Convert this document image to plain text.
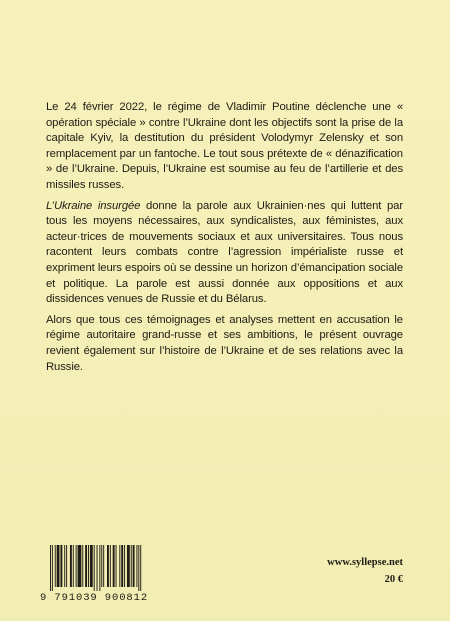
Le 24 février 2022, le régime de Vladimir Poutine déclenche une « opération spéciale » contre l’Ukraine dont les objectifs sont la prise de la capitale Kyiv, la destitution du président Volodymyr Zelensky et son remplacement par un fantoche. Le tout sous prétexte de « dénazification » de l’Ukraine. Depuis, l’Ukraine est soumise au feu de l’artillerie et des missiles russes.

L’Ukraine insurgée donne la parole aux Ukrainien·nes qui luttent par tous les moyens nécessaires, aux syndicalistes, aux féministes, aux acteur·trices de mouvements sociaux et aux universitaires. Tous nous racontent leurs combats contre l’agression impérialiste russe et expriment leurs espoirs où se dessine un horizon d’émancipation sociale et politique. La parole est aussi donnée aux oppositions et aux dissidences venues de Russie et du Bélarus.

Alors que tous ces témoignages et analyses mettent en accusation le régime autoritaire grand-russe et ses ambitions, le présent ouvrage revient également sur l’histoire de l’Ukraine et de ses relations avec la Russie.

9 791039 900812
www.syllepse.net
20 €
